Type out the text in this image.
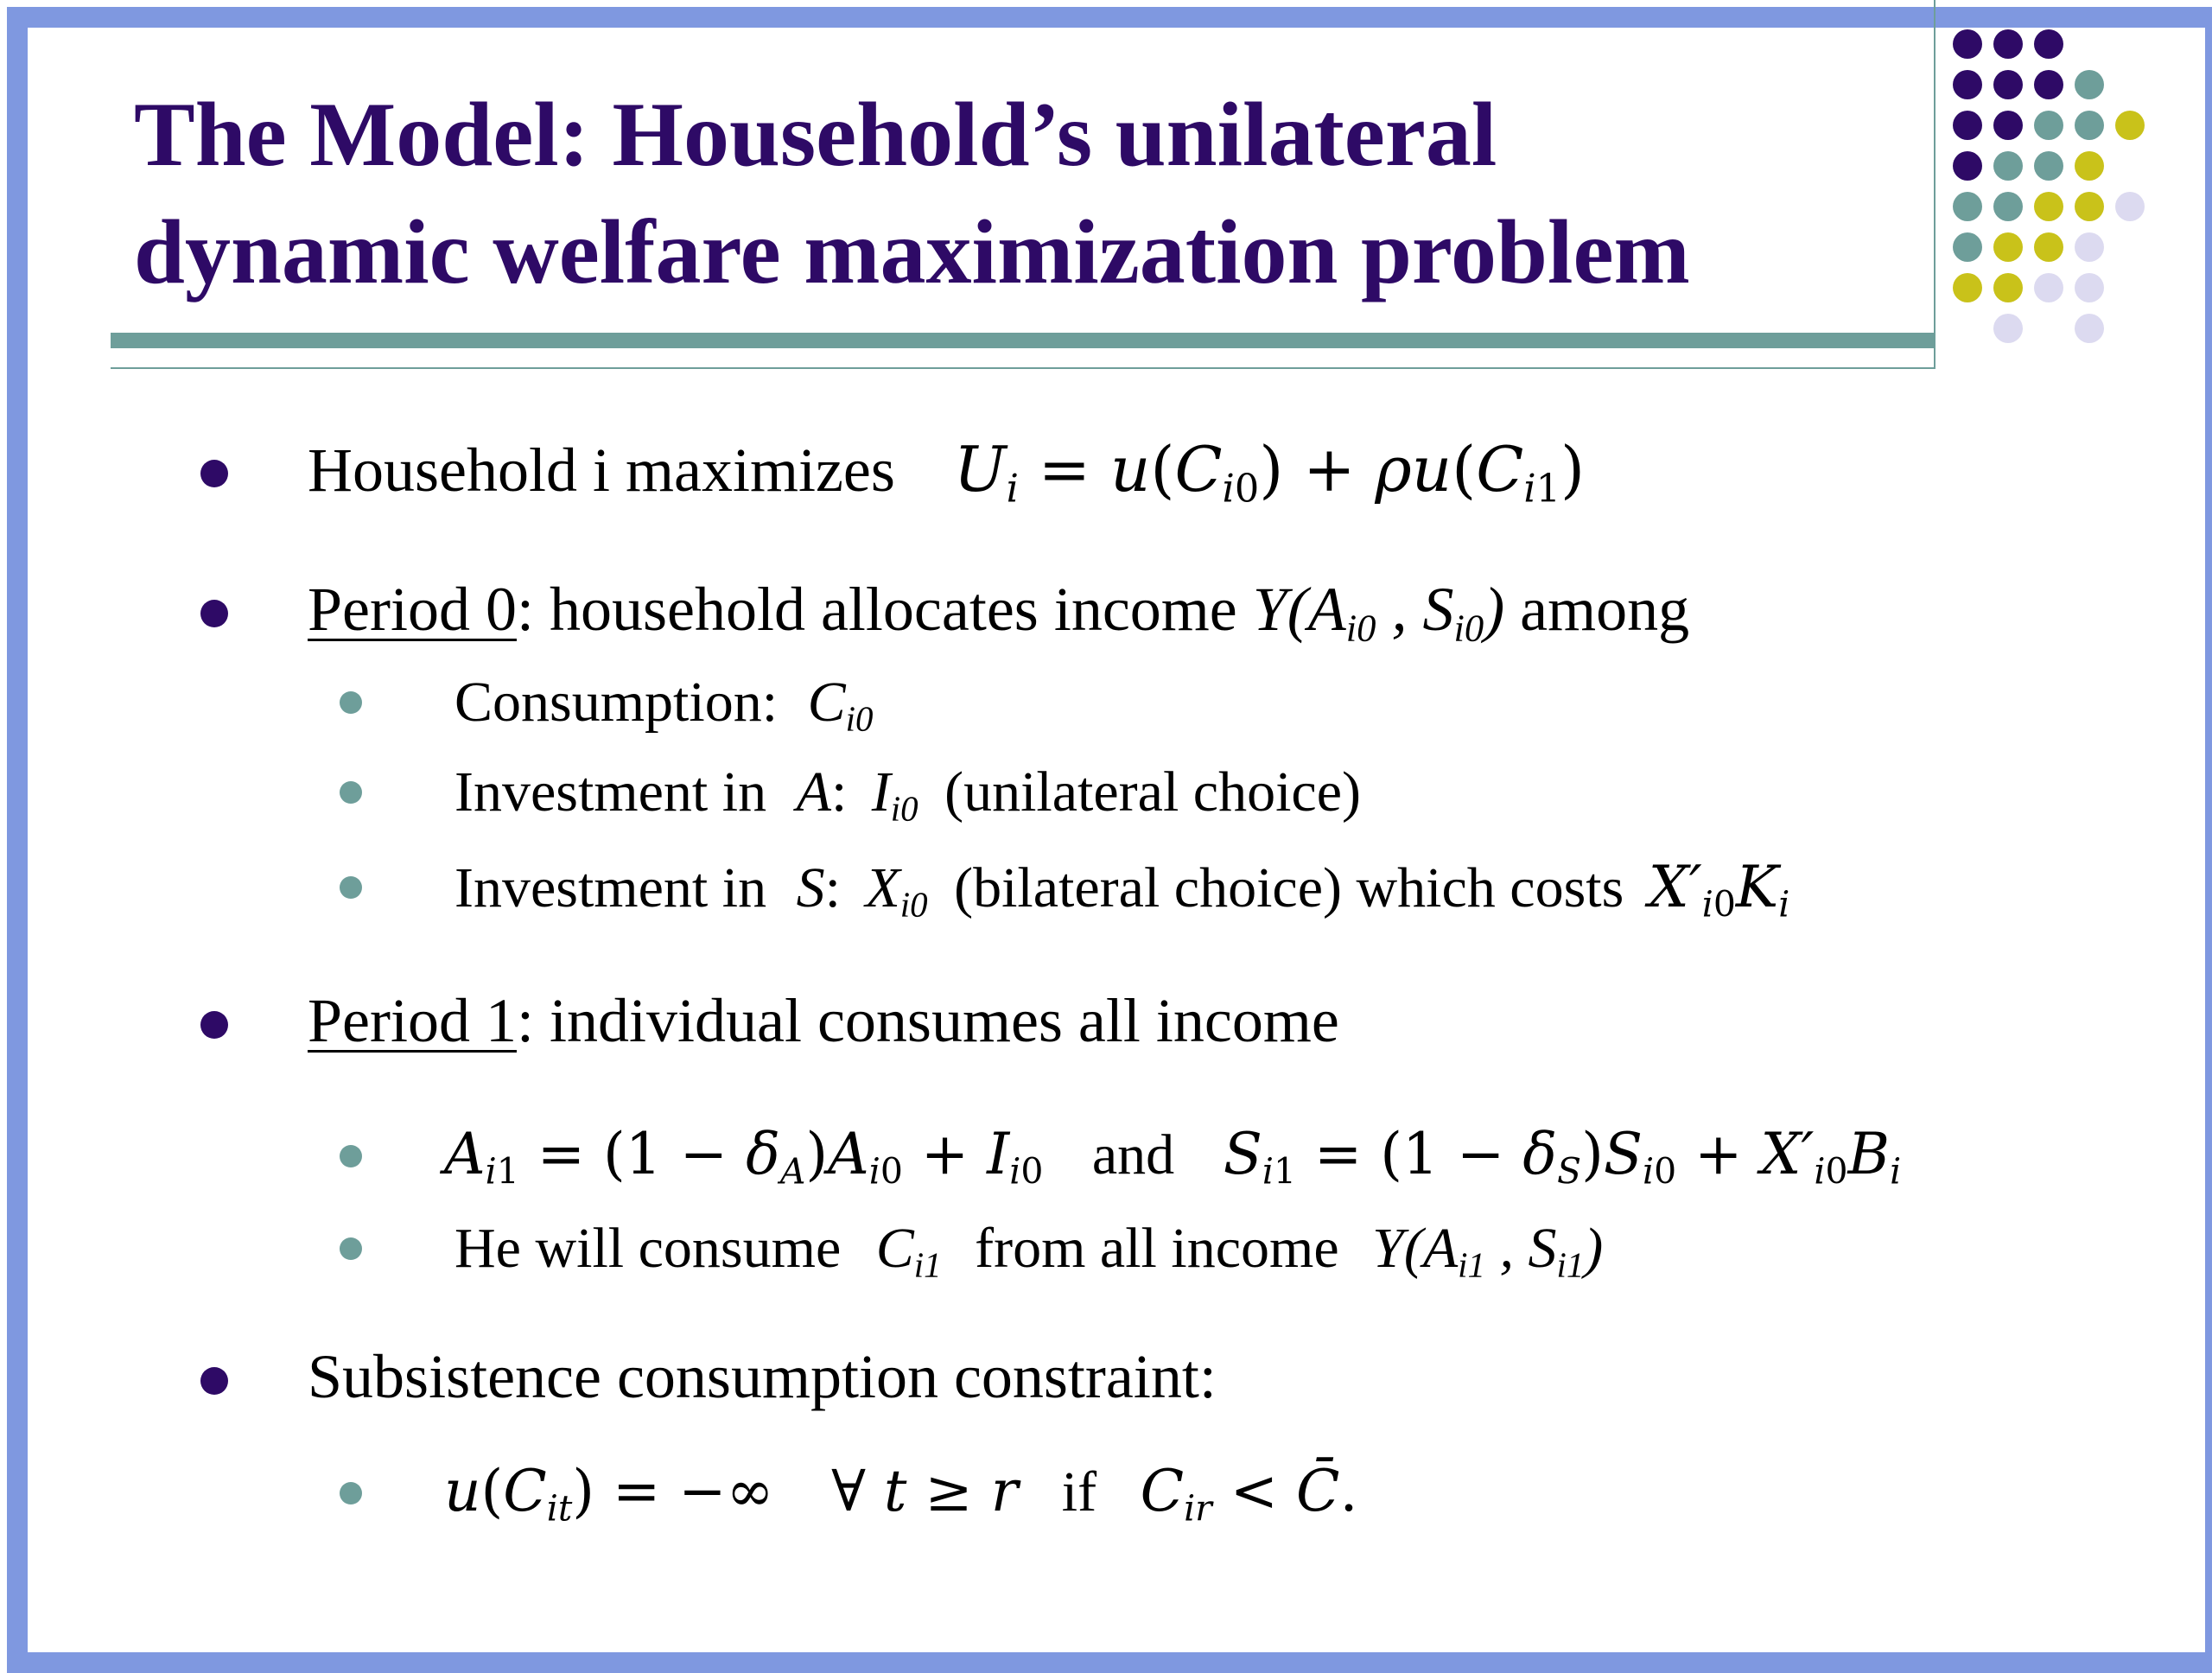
The Model: Household’s unilateral
dynamic welfare maximization problem
Household i maximizes $U_i = u(C_{i0}) + \rho u(C_{i1})$
Period 0: household allocates income $Y(A_{i0}$ , $S_{i0}$) among
Consumption: $C_{i0}$
Investment in A: $I_{i0}$ (unilateral choice)
Investment in S: $X_{i0}$ (bilateral choice) which costs $X'_{i0}K_i$
Period 1: individual consumes all income
$A_{i1} = (1 - \delta_A)A_{i0} + I_{i0}$ and $S_{i1} = (1 - \delta_S)S_{i0} + X'_{i0}B_i$
He will consume $C_{i1}$ from all income $Y(A_{i1}$ , $S_{i1}$)
Subsistence consumption constraint:
$u(C_{it})$ = −∞ ∀ t ≥ r if $C_{ir}$ < C̄.
